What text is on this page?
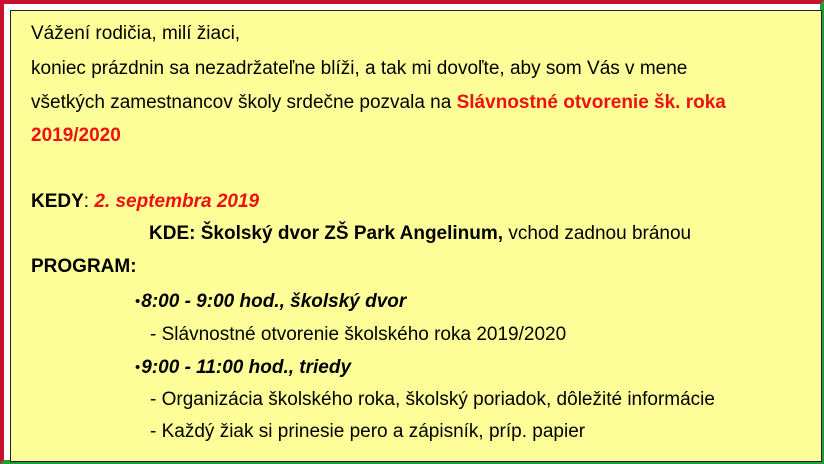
Vážení rodičia, milí žiaci,
koniec prázdnin sa nezadržateľne blíži, a tak mi dovoľte, aby som Vás v mene
všetkých zamestnancov školy srdečne pozvala na Slávnostné otvorenie šk. roka
2019/2020
KEDY: 2. septembra 2019
KDE: Školský dvor ZŠ Park Angelinum, vchod zadnou bránou
PROGRAM:
•8:00 - 9:00 hod., školský dvor
- Slávnostné otvorenie školského roka 2019/2020
•9:00 - 11:00 hod., triedy
- Organizácia školského roka, školský poriadok, dôležité informácie
- Každý žiak si prinesie pero a zápisník, príp. papier
